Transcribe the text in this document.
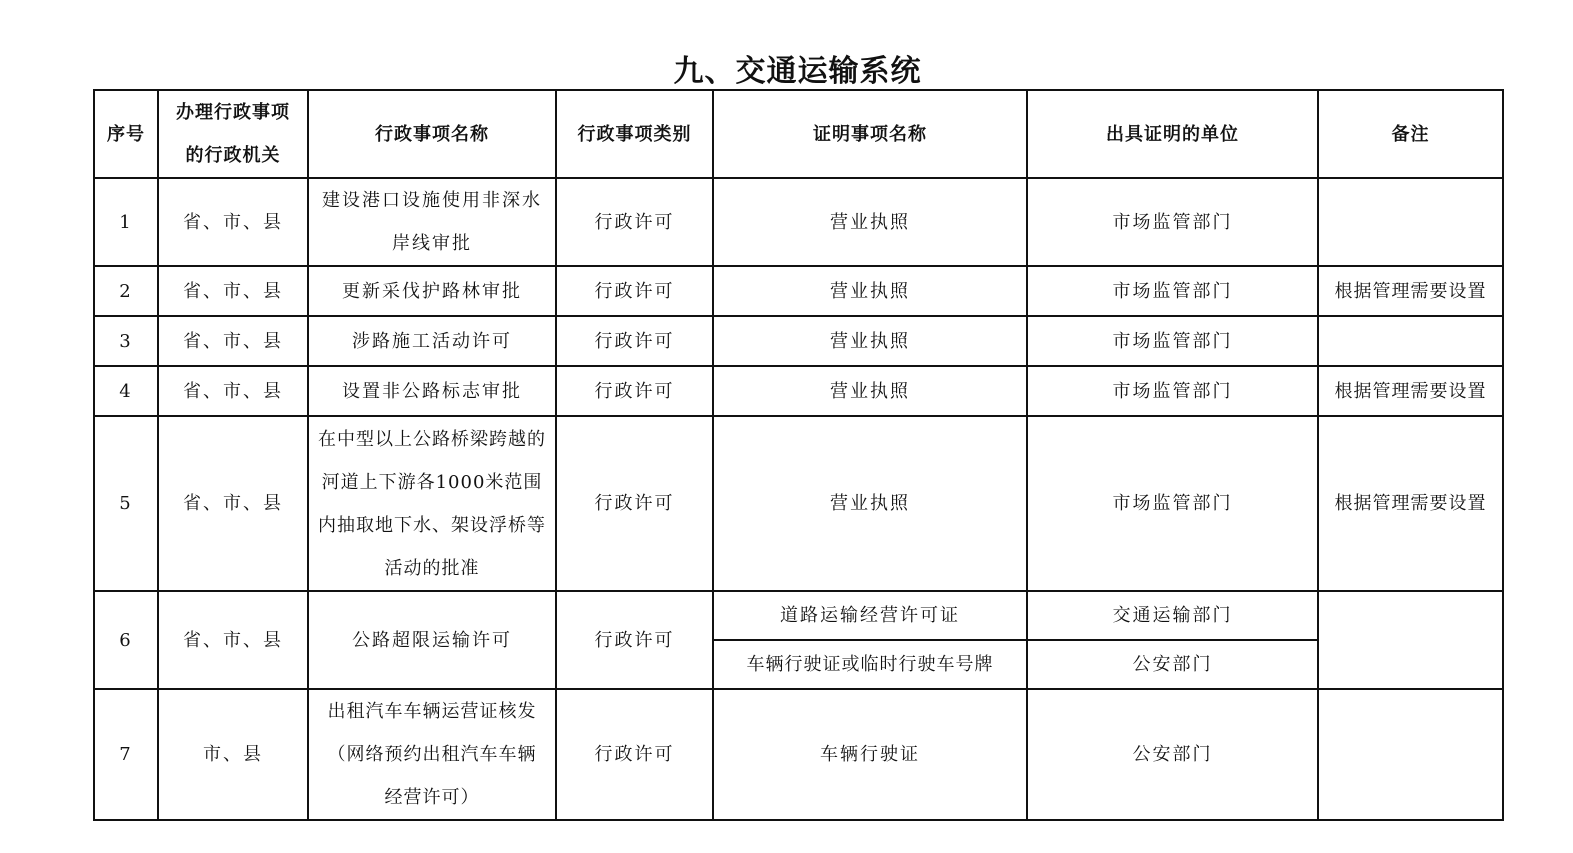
九、交通运输系统
序号	办理行政事项的行政机关	行政事项名称	行政事项类别	证明事项名称	出具证明的单位	备注
1	省、市、县	建设港口设施使用非深水岸线审批	行政许可	营业执照	市场监管部门	
2	省、市、县	更新采伐护路林审批	行政许可	营业执照	市场监管部门	根据管理需要设置
3	省、市、县	涉路施工活动许可	行政许可	营业执照	市场监管部门	
4	省、市、县	设置非公路标志审批	行政许可	营业执照	市场监管部门	根据管理需要设置
5	省、市、县	在中型以上公路桥梁跨越的河道上下游各1000米范围内抽取地下水、架设浮桥等活动的批准	行政许可	营业执照	市场监管部门	根据管理需要设置
6	省、市、县	公路超限运输许可	行政许可	道路运输经营许可证	交通运输部门	
				车辆行驶证或临时行驶车号牌	公安部门	
7	市、县	出租汽车车辆运营证核发（网络预约出租汽车车辆经营许可）	行政许可	车辆行驶证	公安部门	
